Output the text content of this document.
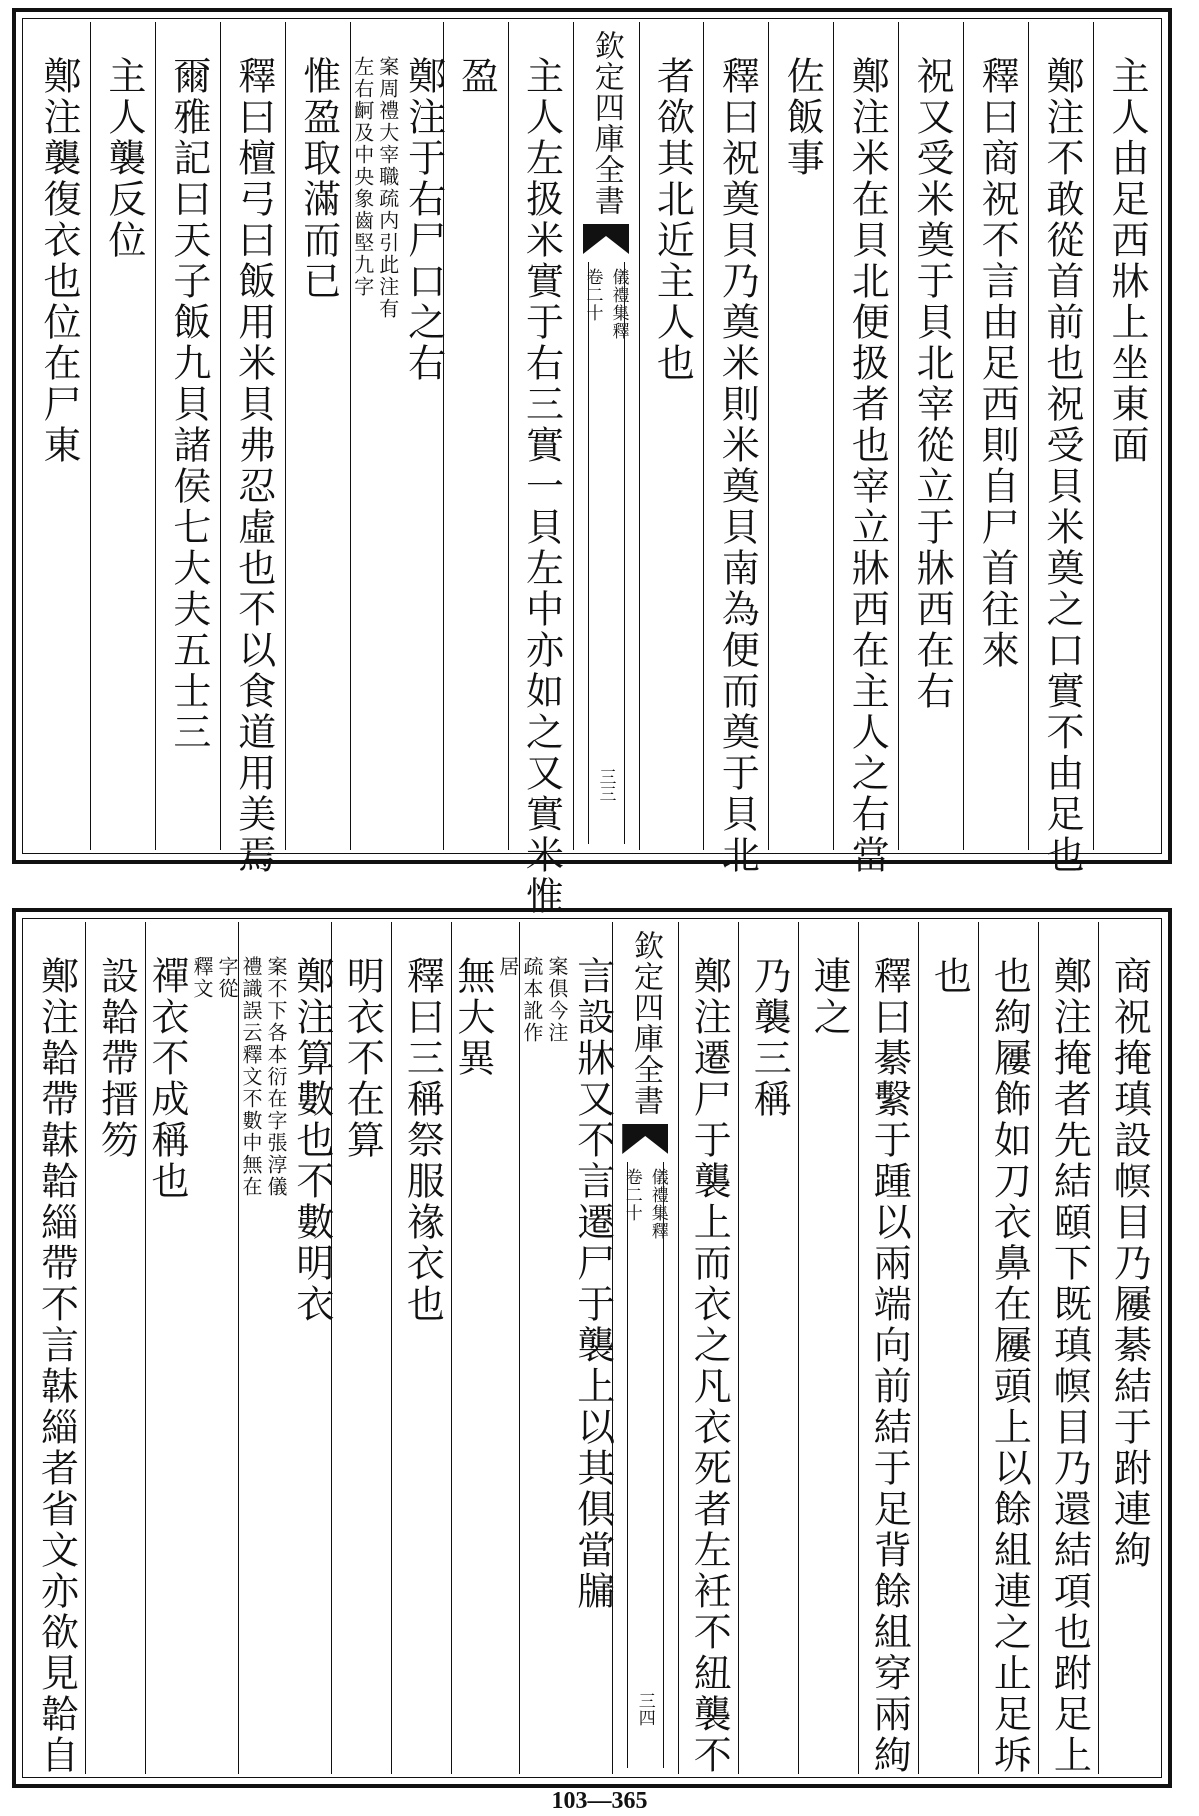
主人由足西牀上坐東面
鄭注不敢從首前也祝受貝米奠之口實不由足也
釋曰商祝不言由足西則自尸首往來
祝又受米奠于貝北宰從立于牀西在右
鄭注米在貝北便扱者也宰立牀西在主人之右當
佐飯事
釋曰祝奠貝乃奠米則米奠貝南為便而奠于貝北
者欲其北近主人也
欽定四庫全書
儀禮集釋
卷二十
三三
主人左扱米實于右三實一貝左中亦如之又實米惟
盈
鄭注于右尸口之右
案周禮大宰職疏内引此注有
左右䶗及中央象齒堅九字
惟盈取滿而已
釋曰檀弓曰飯用米貝弗忍虛也不以食道用美焉
爾雅記曰天子飯九貝諸侯七大夫五士三
主人襲反位
鄭注襲復衣也位在尸東
商祝掩瑱設幎目乃屨綦結于跗連絇
鄭注掩者先結頤下既瑱幎目乃還結項也跗足上
也絇屨飾如刀衣鼻在屨頭上以餘組連之止足坼
也
釋曰綦繫于踵以兩端向前結于足背餘組穿兩絇
連之
乃襲三稱
鄭注遷尸于襲上而衣之凡衣死者左衽不紐襲不
欽定四庫全書
儀禮集釋
卷二十
三四
言設牀又不言遷尸于襲上以其俱當牖
案俱今注
疏本訛作
居
無大異
釋曰三稱祭服禒衣也
明衣不在算
鄭注算數也不數明衣
案不下各本衍在字張淳儀
禮識誤云釋文不數中無在
字從
釋文
禪衣不成稱也
設韐帶搢笏
鄭注韐帶韎韐緇帶不言韎緇者省文亦欲見韐自
103—365
